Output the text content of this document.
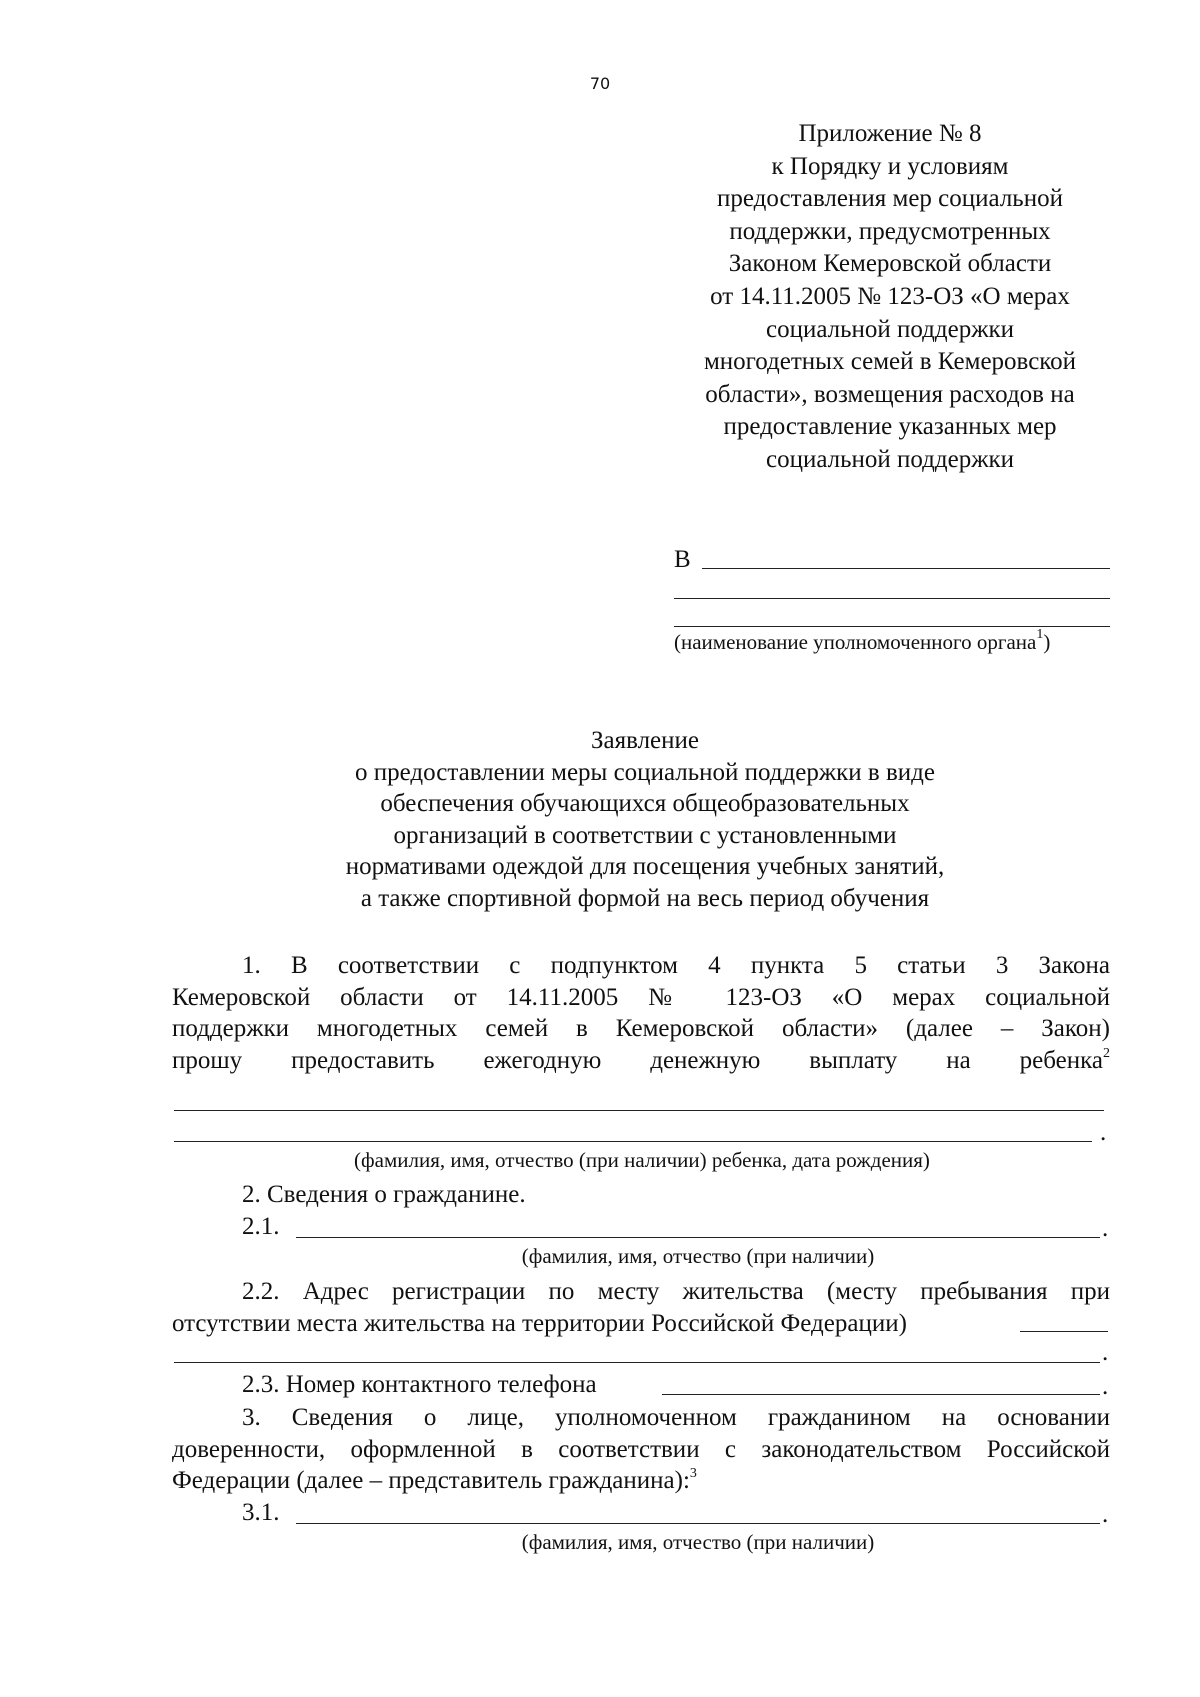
70
Приложение № 8
к Порядку и условиям
предоставления мер социальной
поддержки, предусмотренных
Законом Кемеровской области
от 14.11.2005 № 123-ОЗ «О мерах
социальной поддержки
многодетных семей в Кемеровской
области», возмещения расходов на
предоставление указанных мер
социальной поддержки
В
(наименование уполномоченного органа$^1$)
Заявление
о предоставлении меры социальной поддержки в виде
обеспечения обучающихся общеобразовательных
организаций в соответствии с установленными
нормативами одеждой для посещения учебных занятий,
а также спортивной формой на весь период обучения
1. В соответствии с подпунктом 4 пункта 5 статьи 3 Закона
Кемеровской области от 14.11.2005 № 123-ОЗ «О мерах социальной
поддержки многодетных семей в Кемеровской области» (далее – Закон)
прошу предоставить ежегодную денежную выплату на ребенка$^2$
.
(фамилия, имя, отчество (при наличии) ребенка, дата рождения)
2. Сведения о гражданине.
2.1.	.
(фамилия, имя, отчество (при наличии)
2.2. Адрес регистрации по месту жительства (месту пребывания при
отсутствии места жительства на территории Российской Федерации)
.
2.3. Номер контактного телефона	.
3. Сведения о лице, уполномоченном гражданином на основании
доверенности, оформленной в соответствии с законодательством Российской
Федерации (далее – представитель гражданина):$^3$
3.1.	.
(фамилия, имя, отчество (при наличии)
